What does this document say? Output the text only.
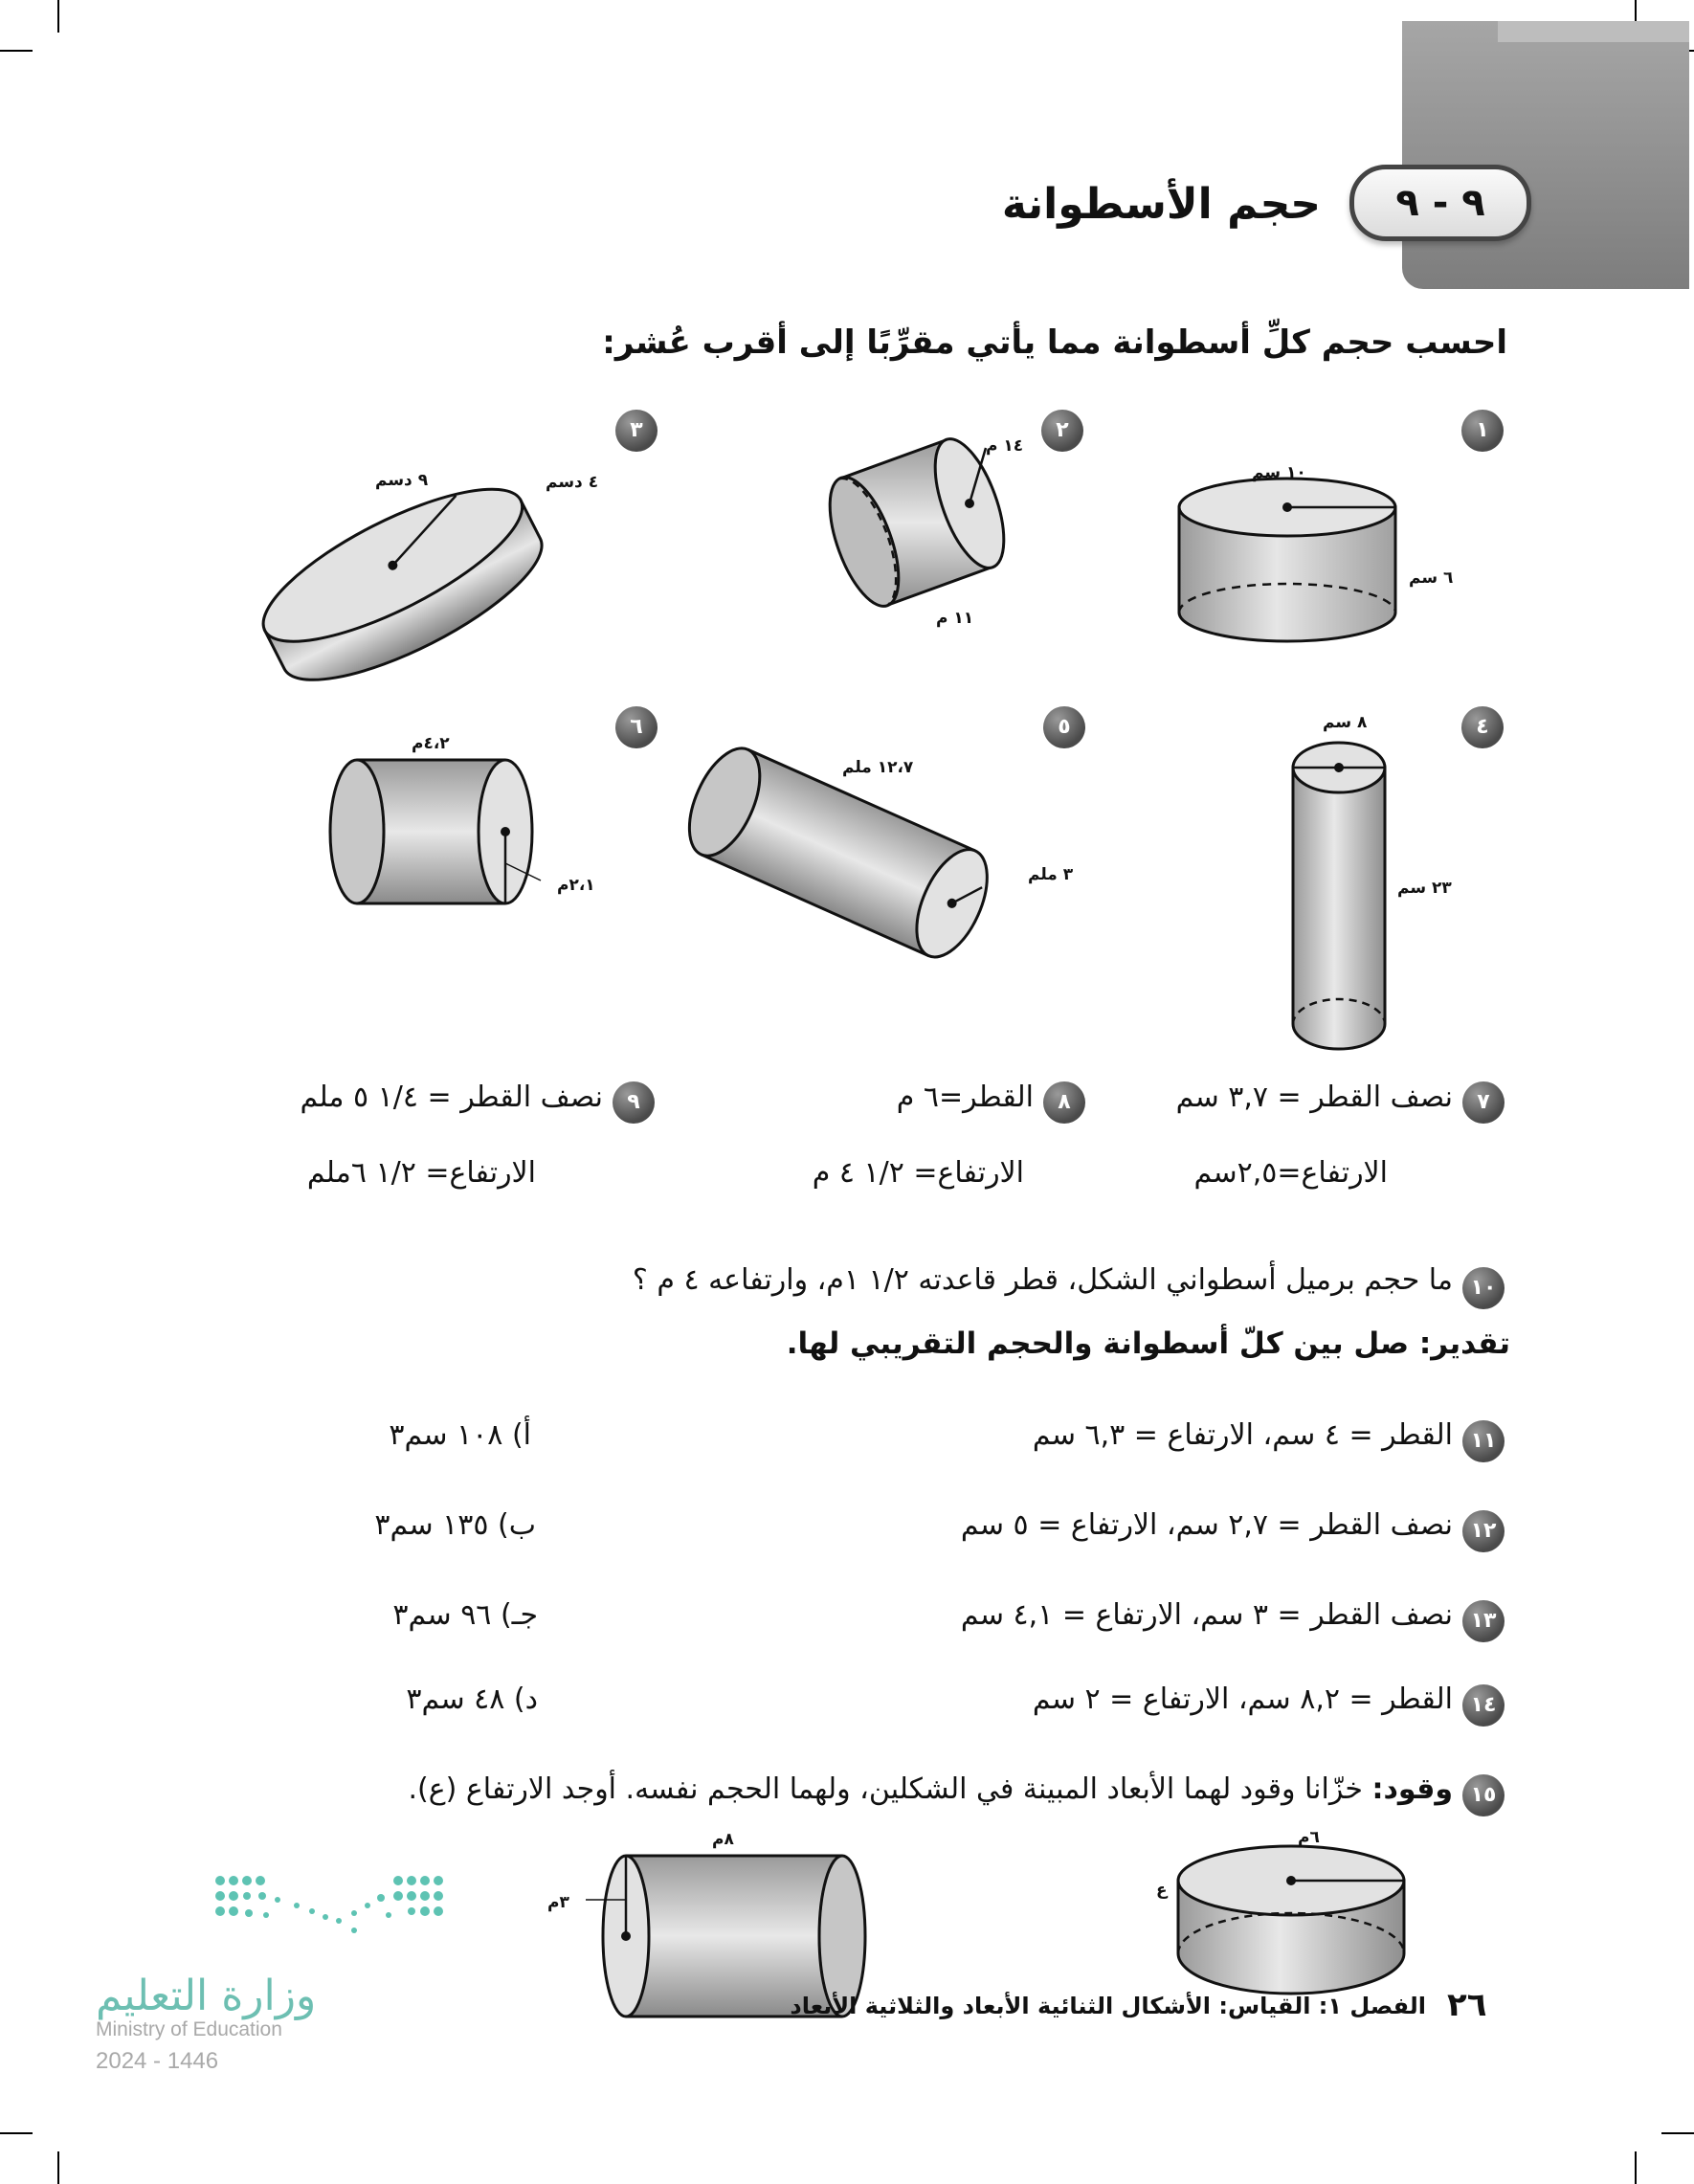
٩ - ٩
حجم الأسطوانة
احسب حجم كلِّ أسطوانة مما يأتي مقرِّبًا إلى أقرب عُشر:
١
١٠ سم
٦ سم
٢
١٤ م
١١ م
٣
٩ دسم	٤ دسم
٤
٨ سم
٢٣ سم
٥
١٢،٧ ملم
٣ ملم
٦
٤،٢م
٢،١م
٧
نصف القطر = ٣,٧ سم
الارتفاع=٢,٥سم
٨
القطر=٦ م
الارتفاع= ١/٢ ٤ م
٩
نصف القطر = ١/٤ ٥ ملم
الارتفاع= ١/٢ ٦ملم
١٠
ما حجم برميل أسطواني الشكل، قطر قاعدته ١/٢ ١م، وارتفاعه ٤ م ؟
تقدير: صل بين كلّ أسطوانة والحجم التقريبي لها.
١١
القطر = ٤ سم، الارتفاع = ٦,٣ سم
أ) ١٠٨ سم٣
١٢
نصف القطر = ٢,٧ سم، الارتفاع = ٥ سم
ب) ١٣٥ سم٣
١٣
نصف القطر = ٣ سم، الارتفاع = ٤,١ سم
جـ) ٩٦ سم٣
١٤
القطر = ٨,٢ سم، الارتفاع = ٢ سم
د) ٤٨ سم٣
١٥
وقود: خزّانا وقود لهما الأبعاد المبينة في الشكلين، ولهما الحجم نفسه. أوجد الارتفاع (ع).
٦م
ع
٨م
٣م
وزارة التعليم
Ministry of Education
2024 - 1446
٢٦
الفصل ١: القياس: الأشكال الثنائية الأبعاد والثلاثية الأبعاد
